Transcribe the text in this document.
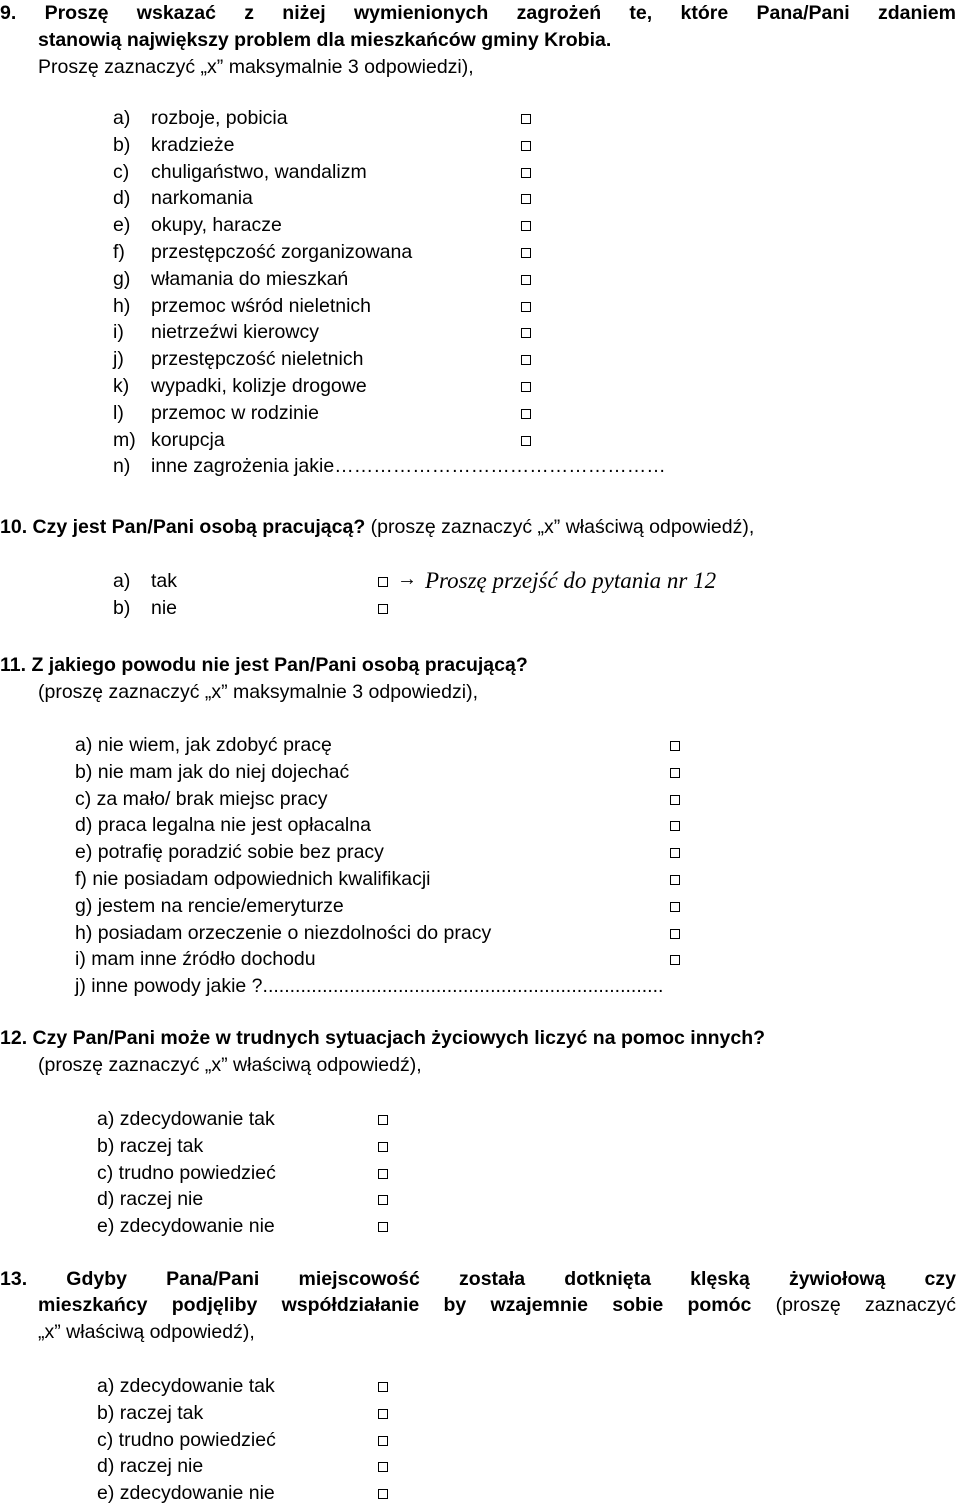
9. Proszę wskazać z niżej wymienionych zagrożeń te, które Pana/Pani zdaniem
stanowią największy problem dla mieszkańców gminy Krobia.
Proszę zaznaczyć „x” maksymalnie 3 odpowiedzi),
a) rozboje, pobicia
b) kradzieże
c) chuligaństwo, wandalizm
d) narkomania
e) okupy, haracze
f) przestępczość zorganizowana
g) włamania do mieszkań
h) przemoc wśród nieletnich
i) nietrzeźwi kierowcy
j) przestępczość nieletnich
k) wypadki, kolizje drogowe
l) przemoc w rodzinie
m) korupcja
n) inne zagrożenia jakie……………………………………………
10. Czy jest Pan/Pani osobą pracującą? (proszę zaznaczyć „x” właściwą odpowiedź),
a) tak	→ Proszę przejść do pytania nr 12
b) nie
11. Z jakiego powodu nie jest Pan/Pani osobą pracującą?
(proszę zaznaczyć „x” maksymalnie 3 odpowiedzi),
a) nie wiem, jak zdobyć pracę
b) nie mam jak do niej dojechać
c) za mało/ brak miejsc pracy
d) praca legalna nie jest opłacalna
e) potrafię poradzić sobie bez pracy
f) nie posiadam odpowiednich kwalifikacji
g) jestem na rencie/emeryturze
h) posiadam orzeczenie o niezdolności do pracy
i) mam inne źródło dochodu
j) inne powody jakie ?..........................................................................
12. Czy Pan/Pani może w trudnych sytuacjach życiowych liczyć na pomoc innych?
(proszę zaznaczyć „x” właściwą odpowiedź),
a) zdecydowanie tak
b) raczej tak
c) trudno powiedzieć
d) raczej nie
e) zdecydowanie nie
13. Gdyby Pana/Pani miejscowość została dotknięta klęską żywiołową czy
mieszkańcy podjęliby współdziałanie by wzajemnie sobie pomóc (proszę zaznaczyć
„x” właściwą odpowiedź),
a) zdecydowanie tak
b) raczej tak
c) trudno powiedzieć
d) raczej nie
e) zdecydowanie nie
